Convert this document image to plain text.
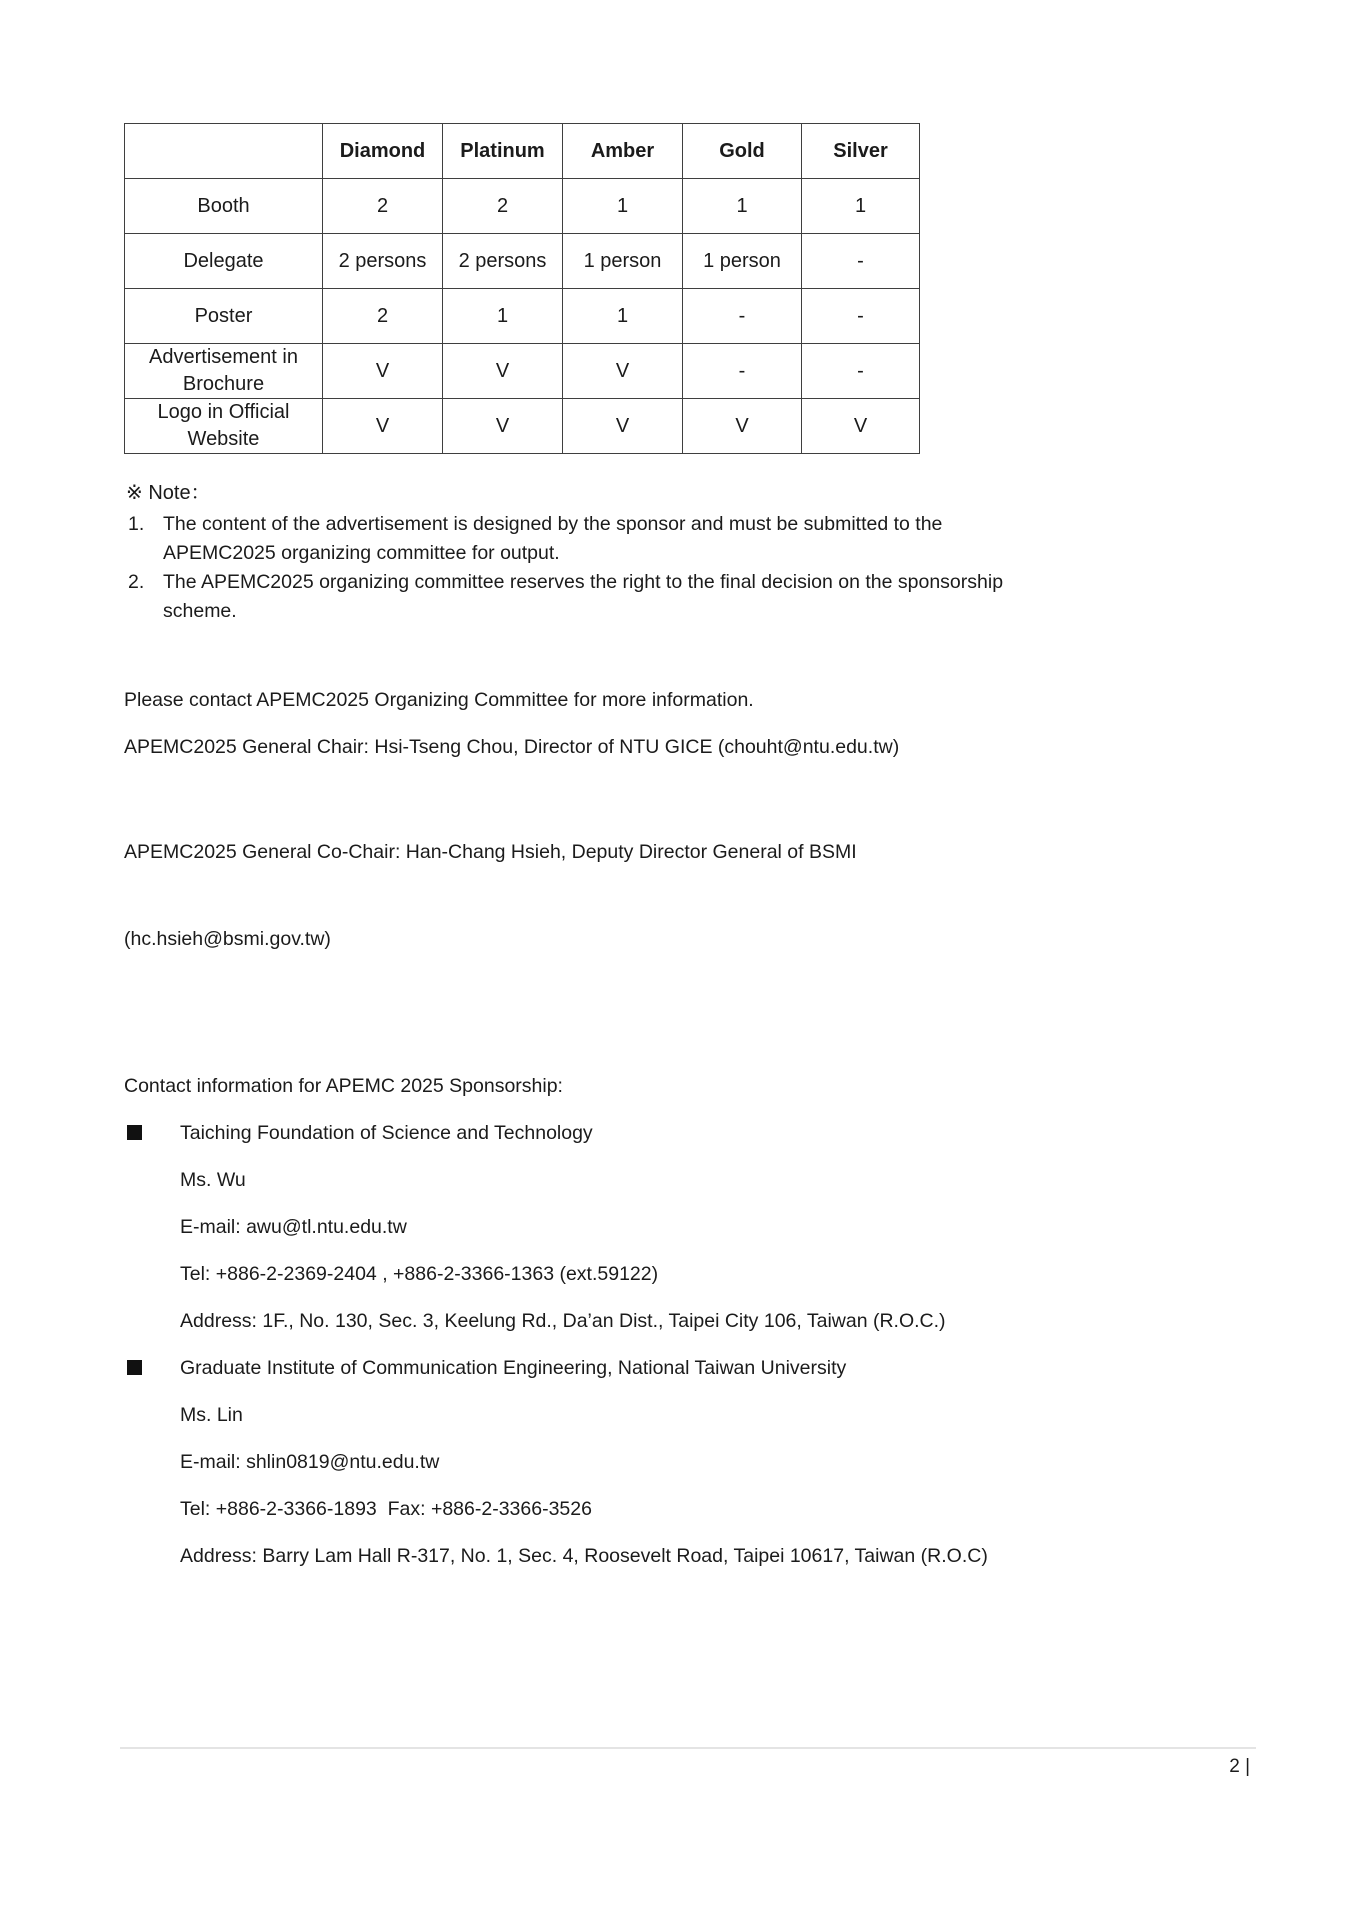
	Diamond	Platinum	Amber	Gold	Silver
Booth	2	2	1	1	1
Delegate	2 persons	2 persons	1 person	1 person	-
Poster	2	1	1	-	-
Advertisement in Brochure	V	V	V	-	-
Logo in Official Website	V	V	V	V	V
※ Note：
1. The content of the advertisement is designed by the sponsor and must be submitted to the
APEMC2025 organizing committee for output.
2. The APEMC2025 organizing committee reserves the right to the final decision on the sponsorship
scheme.

Please contact APEMC2025 Organizing Committee for more information.

APEMC2025 General Chair: Hsi-Tseng Chou, Director of NTU GICE (chouht@ntu.edu.tw)

APEMC2025 General Co-Chair: Han-Chang Hsieh, Deputy Director General of BSMI

(hc.hsieh@bsmi.gov.tw)

Contact information for APEMC 2025 Sponsorship:

Taiching Foundation of Science and Technology
Ms. Wu
E-mail: awu@tl.ntu.edu.tw
Tel: +886-2-2369-2404 , +886-2-3366-1363 (ext.59122)
Address: 1F., No. 130, Sec. 3, Keelung Rd., Da’an Dist., Taipei City 106, Taiwan (R.O.C.)
Graduate Institute of Communication Engineering, National Taiwan University
Ms. Lin
E-mail: shlin0819@ntu.edu.tw
Tel: +886-2-3366-1893  Fax: +886-2-3366-3526
Address: Barry Lam Hall R-317, No. 1, Sec. 4, Roosevelt Road, Taipei 10617, Taiwan (R.O.C)
2 |
